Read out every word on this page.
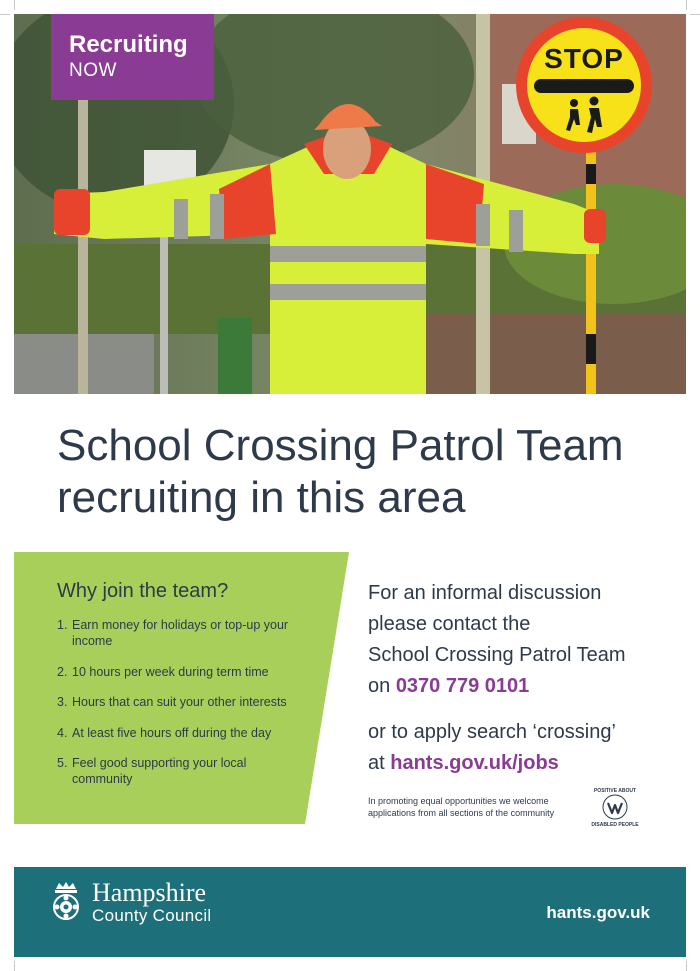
STOP
Recruiting
NOW
School Crossing Patrol Team
recruiting in this area
Why join the team?
1. Earn money for holidays or top-up your income
2. 10 hours per week during term time
3. Hours that can suit your other interests
4. At least five hours off during the day
5. Feel good supporting your local community
For an informal discussion
please contact the
School Crossing Patrol Team
on 0370 779 0101
or to apply search ‘crossing’
at hants.gov.uk/jobs
In promoting equal opportunities we welcome applications from all sections of the community
POSITIVE ABOUT
DISABLED PEOPLE
Hampshire
County Council	hants.gov.uk
